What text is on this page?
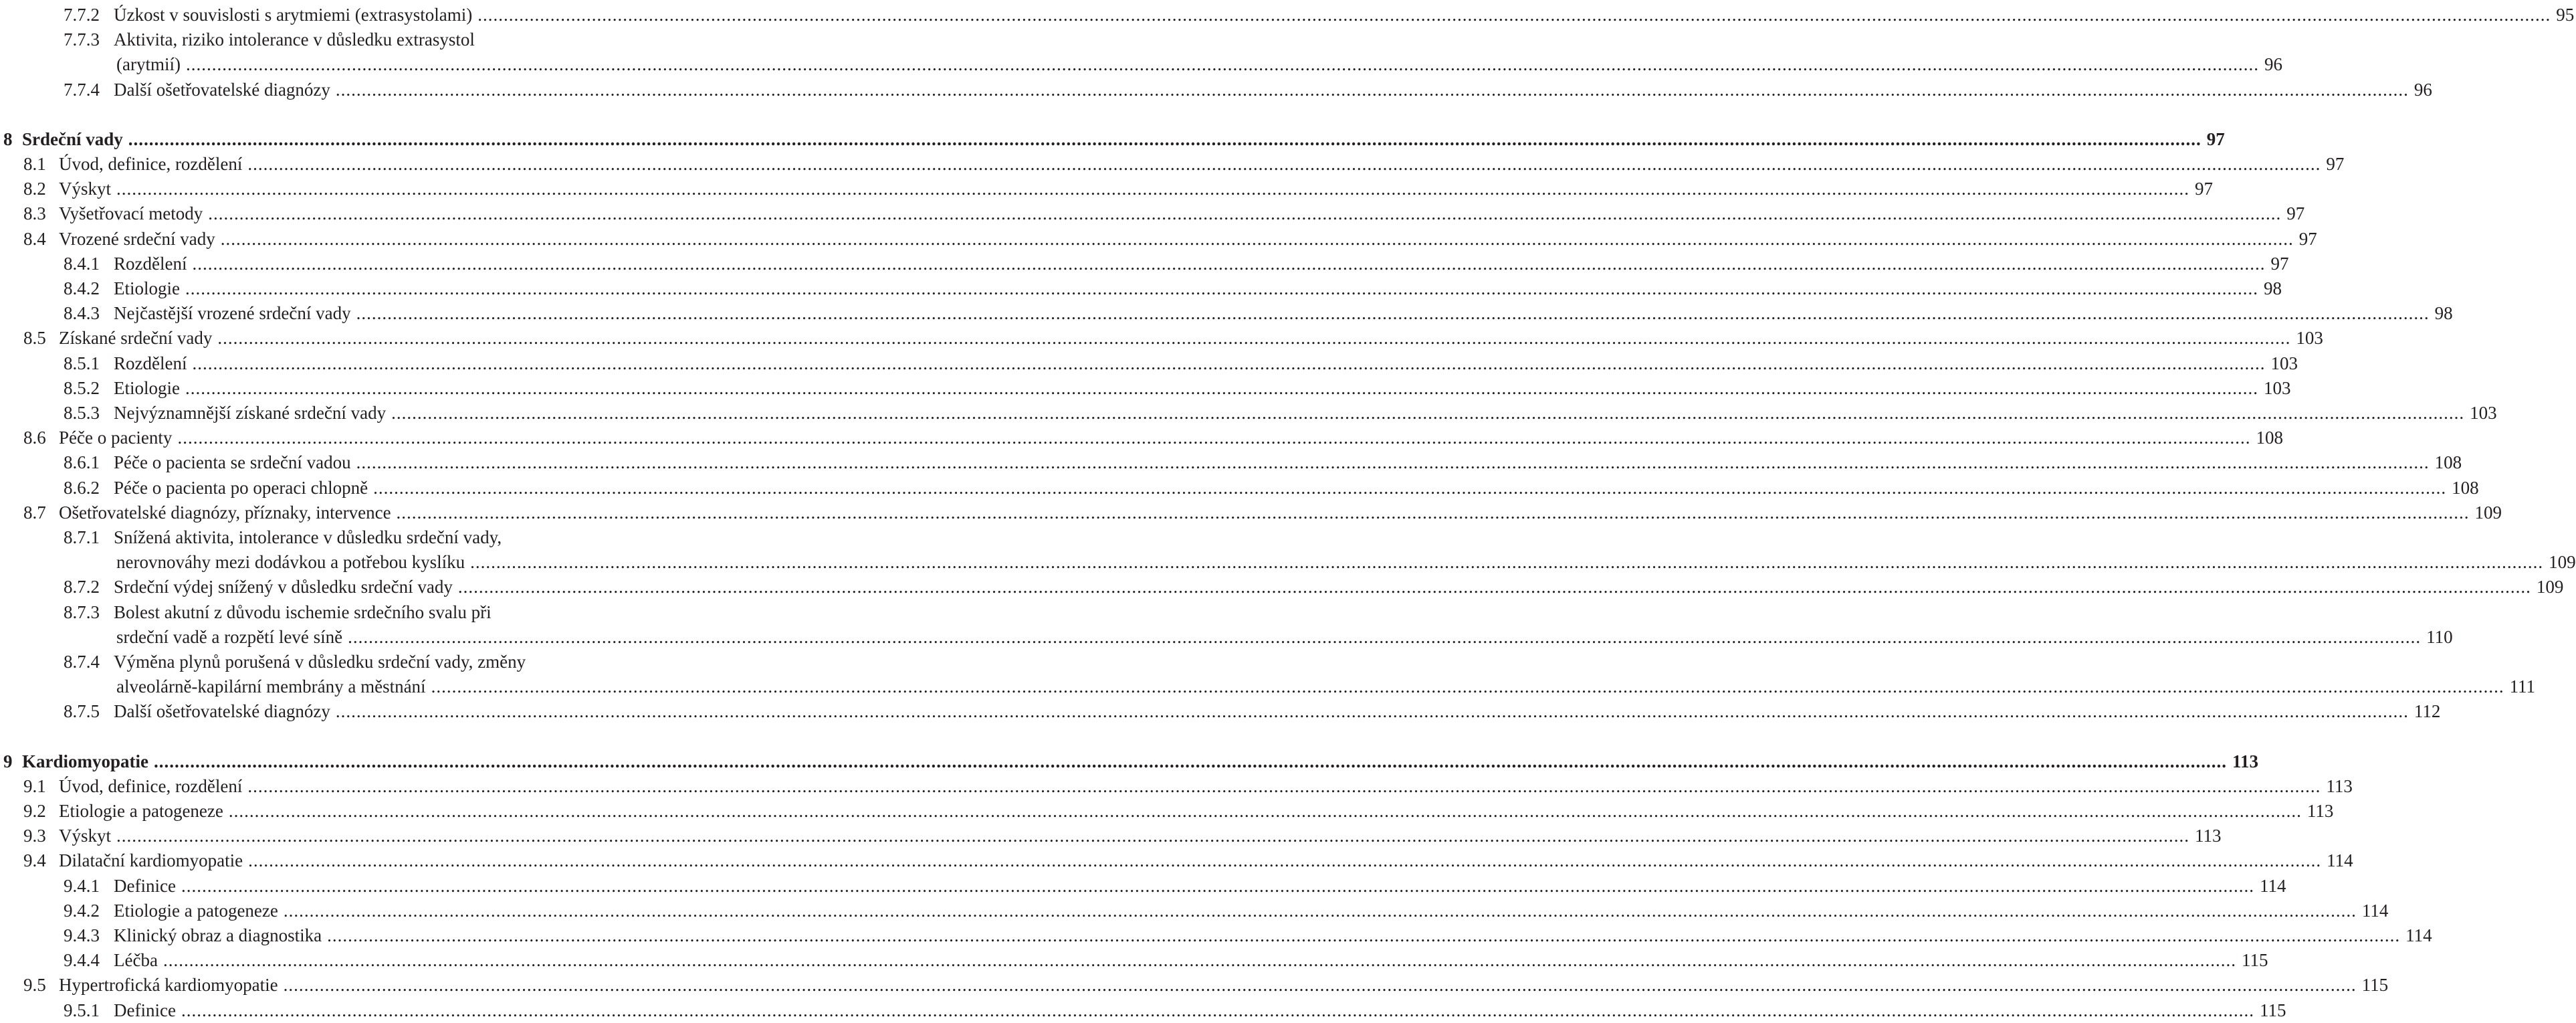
7.7.2 Úzkost v souvislosti s arytmiemi (extrasystolami) ................................................................................................................................................................................................................................................................................................................................................................................................................ 95
7.7.3 Aktivita, riziko intolerance v důsledku extrasystol
(arytmií) ................................................................................................................................................................................................................................................................................................................................................................................................................ 96
7.7.4 Další ošetřovatelské diagnózy ................................................................................................................................................................................................................................................................................................................................................................................................................ 96
8 Srdeční vady ................................................................................................................................................................................................................................................................................................................................................................................................................ 97
8.1 Úvod, definice, rozdělení ................................................................................................................................................................................................................................................................................................................................................................................................................ 97
8.2 Výskyt ................................................................................................................................................................................................................................................................................................................................................................................................................ 97
8.3 Vyšetřovací metody ................................................................................................................................................................................................................................................................................................................................................................................................................ 97
8.4 Vrozené srdeční vady ................................................................................................................................................................................................................................................................................................................................................................................................................ 97
8.4.1 Rozdělení ................................................................................................................................................................................................................................................................................................................................................................................................................ 97
8.4.2 Etiologie ................................................................................................................................................................................................................................................................................................................................................................................................................ 98
8.4.3 Nejčastější vrozené srdeční vady ................................................................................................................................................................................................................................................................................................................................................................................................................ 98
8.5 Získané srdeční vady ................................................................................................................................................................................................................................................................................................................................................................................................................ 103
8.5.1 Rozdělení ................................................................................................................................................................................................................................................................................................................................................................................................................ 103
8.5.2 Etiologie ................................................................................................................................................................................................................................................................................................................................................................................................................ 103
8.5.3 Nejvýznamnější získané srdeční vady ................................................................................................................................................................................................................................................................................................................................................................................................................ 103
8.6 Péče o pacienty ................................................................................................................................................................................................................................................................................................................................................................................................................ 108
8.6.1 Péče o pacienta se srdeční vadou ................................................................................................................................................................................................................................................................................................................................................................................................................ 108
8.6.2 Péče o pacienta po operaci chlopně ................................................................................................................................................................................................................................................................................................................................................................................................................ 108
8.7 Ošetřovatelské diagnózy, příznaky, intervence ................................................................................................................................................................................................................................................................................................................................................................................................................ 109
8.7.1 Snížená aktivita, intolerance v důsledku srdeční vady,
nerovnováhy mezi dodávkou a potřebou kyslíku ................................................................................................................................................................................................................................................................................................................................................................................................................ 109
8.7.2 Srdeční výdej snížený v důsledku srdeční vady ................................................................................................................................................................................................................................................................................................................................................................................................................ 109
8.7.3 Bolest akutní z důvodu ischemie srdečního svalu při
srdeční vadě a rozpětí levé síně ................................................................................................................................................................................................................................................................................................................................................................................................................ 110
8.7.4 Výměna plynů porušená v důsledku srdeční vady, změny
alveolárně-kapilární membrány a městnání ................................................................................................................................................................................................................................................................................................................................................................................................................ 111
8.7.5 Další ošetřovatelské diagnózy ................................................................................................................................................................................................................................................................................................................................................................................................................ 112
9 Kardiomyopatie ................................................................................................................................................................................................................................................................................................................................................................................................................ 113
9.1 Úvod, definice, rozdělení ................................................................................................................................................................................................................................................................................................................................................................................................................ 113
9.2 Etiologie a patogeneze ................................................................................................................................................................................................................................................................................................................................................................................................................ 113
9.3 Výskyt ................................................................................................................................................................................................................................................................................................................................................................................................................ 113
9.4 Dilatační kardiomyopatie ................................................................................................................................................................................................................................................................................................................................................................................................................ 114
9.4.1 Definice ................................................................................................................................................................................................................................................................................................................................................................................................................ 114
9.4.2 Etiologie a patogeneze ................................................................................................................................................................................................................................................................................................................................................................................................................ 114
9.4.3 Klinický obraz a diagnostika ................................................................................................................................................................................................................................................................................................................................................................................................................ 114
9.4.4 Léčba ................................................................................................................................................................................................................................................................................................................................................................................................................ 115
9.5 Hypertrofická kardiomyopatie ................................................................................................................................................................................................................................................................................................................................................................................................................ 115
9.5.1 Definice ................................................................................................................................................................................................................................................................................................................................................................................................................ 115
